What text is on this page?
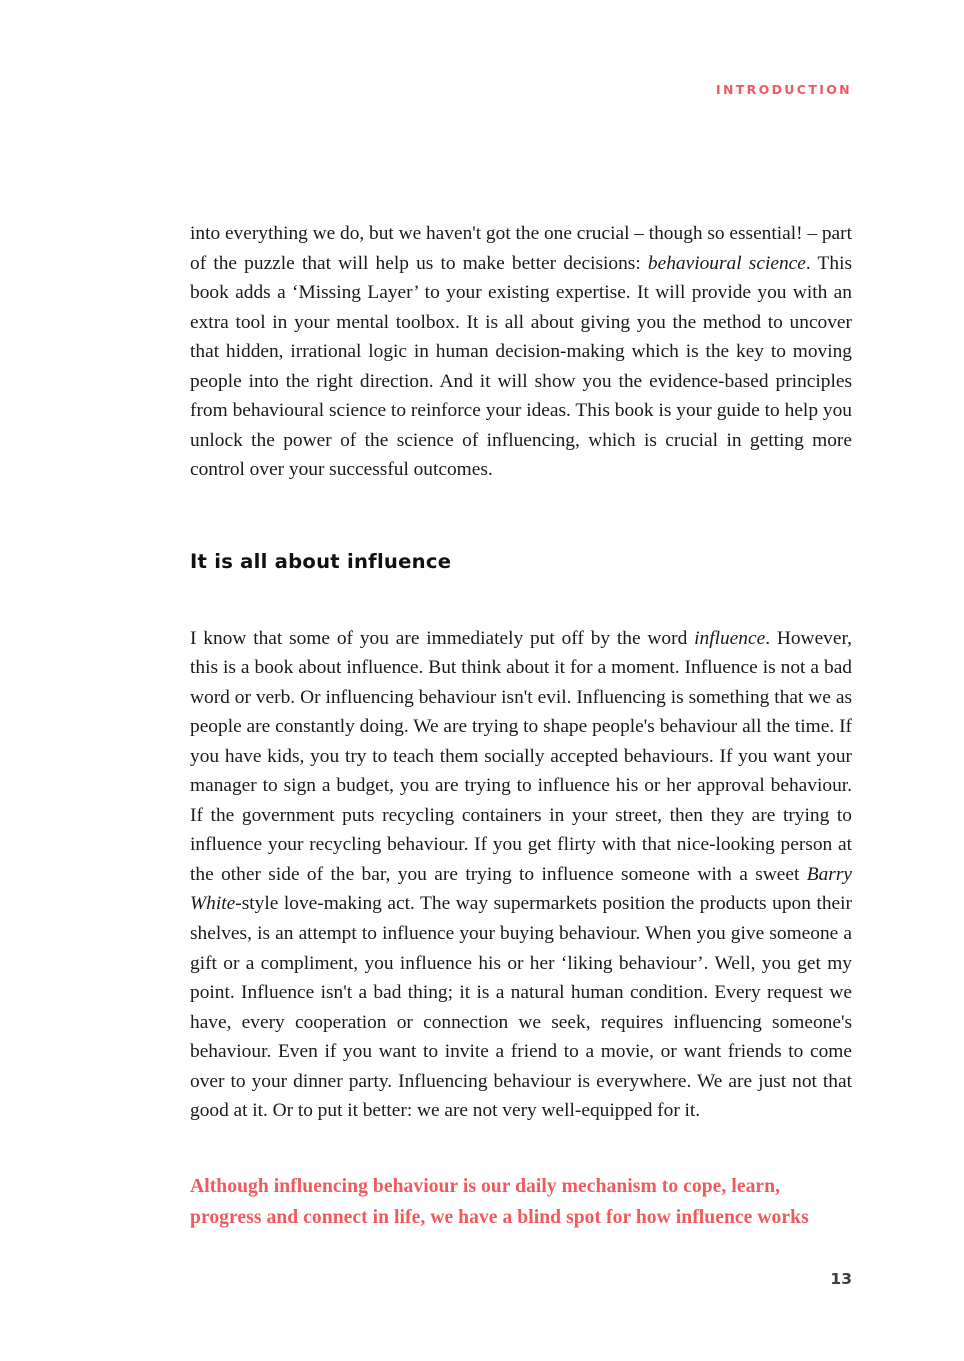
INTRODUCTION

into everything we do, but we haven't got the one crucial – though so essential! – part of the puzzle that will help us to make better decisions: behavioural science. This book adds a ‘Missing Layer’ to your existing expertise. It will provide you with an extra tool in your mental toolbox. It is all about giving you the method to uncover that hidden, irrational logic in human decision-making which is the key to moving people into the right direction. And it will show you the evidence-based principles from behavioural science to reinforce your ideas. This book is your guide to help you unlock the power of the science of influencing, which is crucial in getting more control over your successful outcomes.

It is all about influence

I know that some of you are immediately put off by the word influence. However, this is a book about influence. But think about it for a moment. Influence is not a bad word or verb. Or influencing behaviour isn't evil. Influencing is something that we as people are constantly doing. We are trying to shape people's behaviour all the time. If you have kids, you try to teach them socially accepted behaviours. If you want your manager to sign a budget, you are trying to influence his or her approval behaviour. If the government puts recycling containers in your street, then they are trying to influence your recycling behaviour. If you get flirty with that nice-looking person at the other side of the bar, you are trying to influence someone with a sweet Barry White-style love-making act. The way supermarkets position the products upon their shelves, is an attempt to influence your buying behaviour. When you give someone a gift or a compliment, you influence his or her ‘liking behaviour’. Well, you get my point. Influence isn't a bad thing; it is a natural human condition. Every request we have, every cooperation or connection we seek, requires influencing someone's behaviour. Even if you want to invite a friend to a movie, or want friends to come over to your dinner party. Influencing behaviour is everywhere. We are just not that good at it. Or to put it better: we are not very well-equipped for it.

Although influencing behaviour is our daily mechanism to cope, learn, progress and connect in life, we have a blind spot for how influence works

13
